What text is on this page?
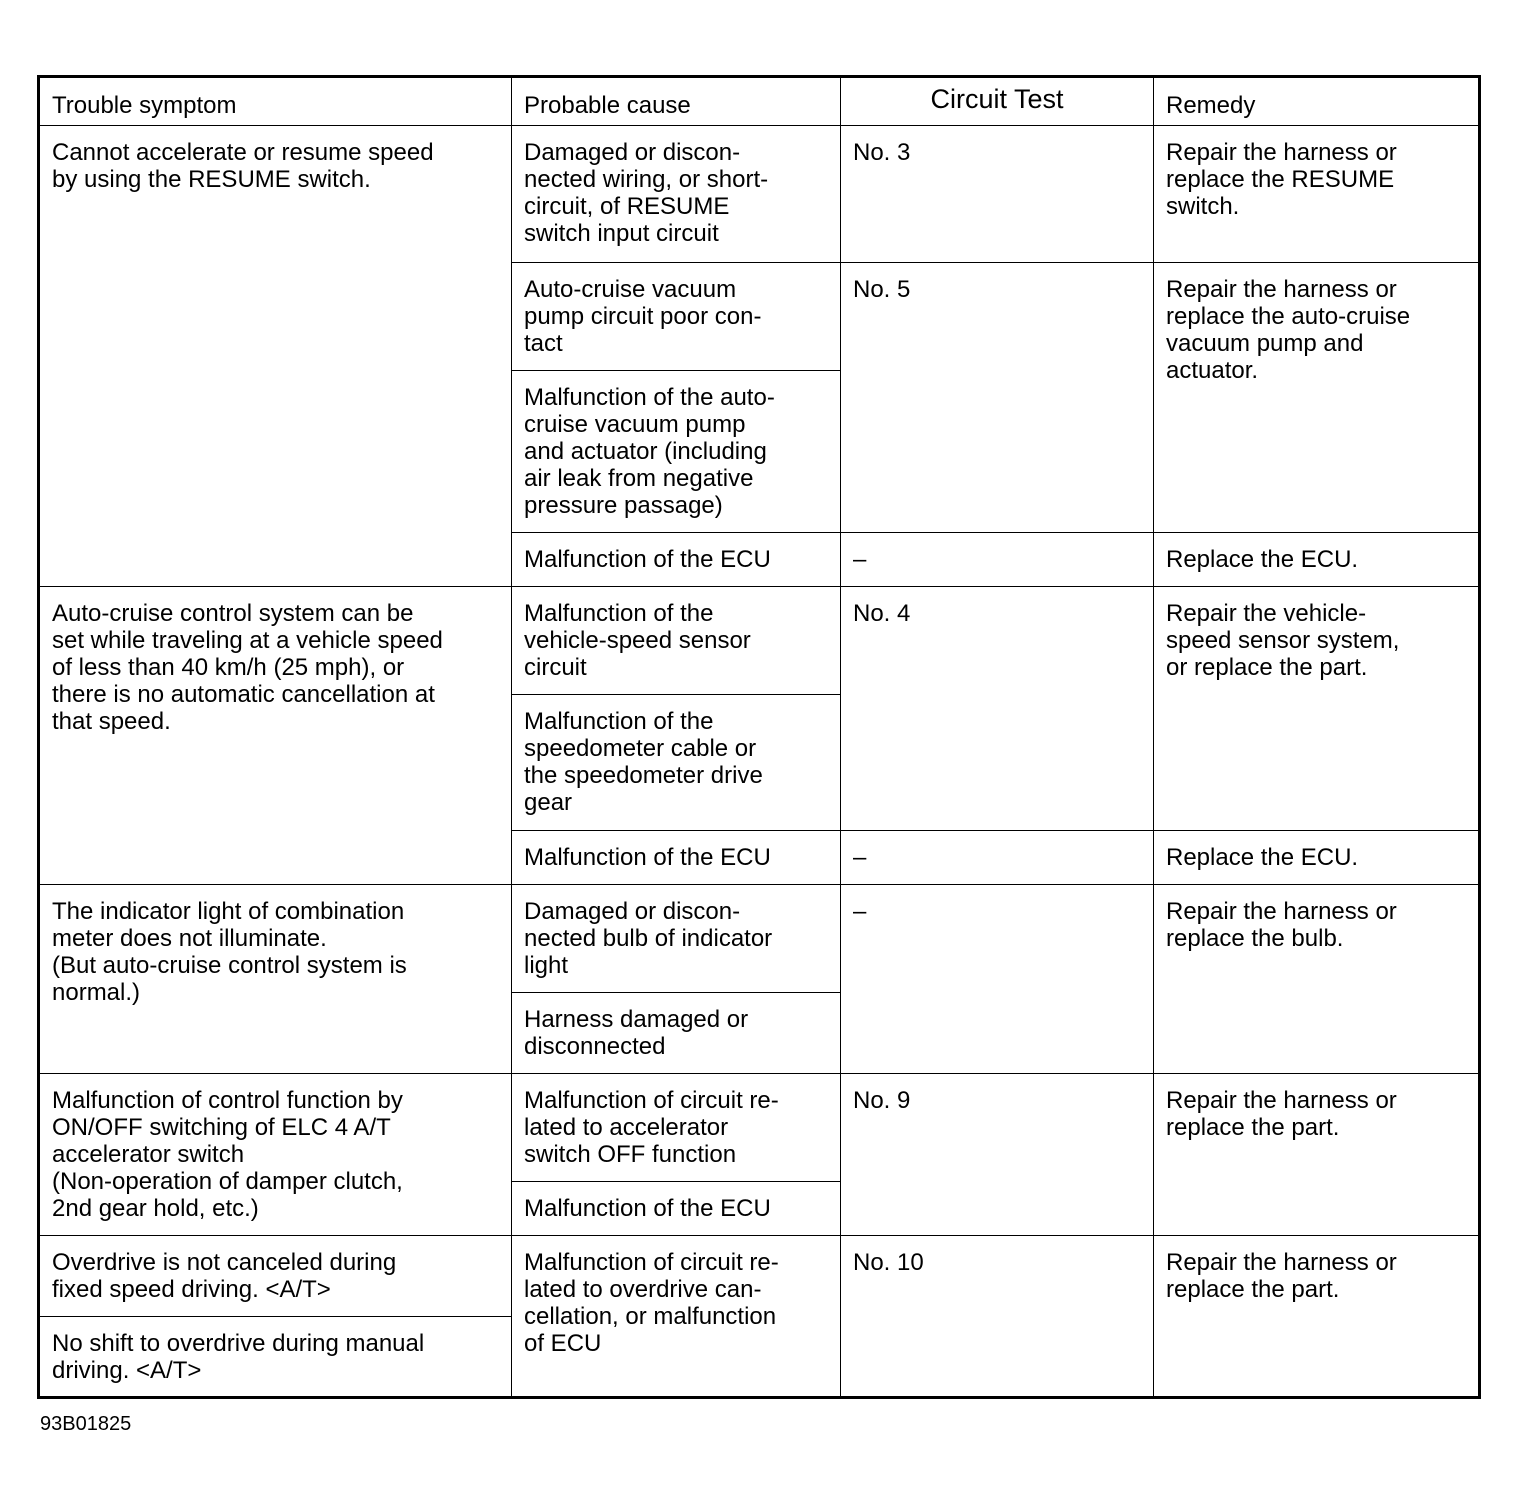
Trouble symptom	Probable cause	Circuit Test	Remedy

Cannot accelerate or resume speed
by using the RESUME switch.	Damaged or discon-
nected wiring, or short-
circuit, of RESUME
switch input circuit	No. 3	Repair the harness or
replace the RESUME
switch.

	Auto-cruise vacuum
pump circuit poor con-
tact	No. 5	Repair the harness or
replace the auto-cruise
vacuum pump and
actuator.

	Malfunction of the auto-
cruise vacuum pump
and actuator (including
air leak from negative
pressure passage)		

	Malfunction of the ECU	–	Replace the ECU.

Auto-cruise control system can be
set while traveling at a vehicle speed
of less than 40 km/h (25 mph), or
there is no automatic cancellation at
that speed.	Malfunction of the
vehicle-speed sensor
circuit	No. 4	Repair the vehicle-
speed sensor system,
or replace the part.

	Malfunction of the
speedometer cable or
the speedometer drive
gear		

	Malfunction of the ECU	–	Replace the ECU.

The indicator light of combination
meter does not illuminate.
(But auto-cruise control system is
normal.)	Damaged or discon-
nected bulb of indicator
light	–	Repair the harness or
replace the bulb.

	Harness damaged or
disconnected		

Malfunction of control function by
ON/OFF switching of ELC 4 A/T
accelerator switch
(Non-operation of damper clutch,
2nd gear hold, etc.)	Malfunction of circuit re-
lated to accelerator
switch OFF function	No. 9	Repair the harness or
replace the part.

	Malfunction of the ECU		

Overdrive is not canceled during
fixed speed driving. <A/T>	Malfunction of circuit re-
lated to overdrive can-
cellation, or malfunction
of ECU	No. 10	Repair the harness or
replace the part.

No shift to overdrive during manual
driving. <A/T>			
93B01825
